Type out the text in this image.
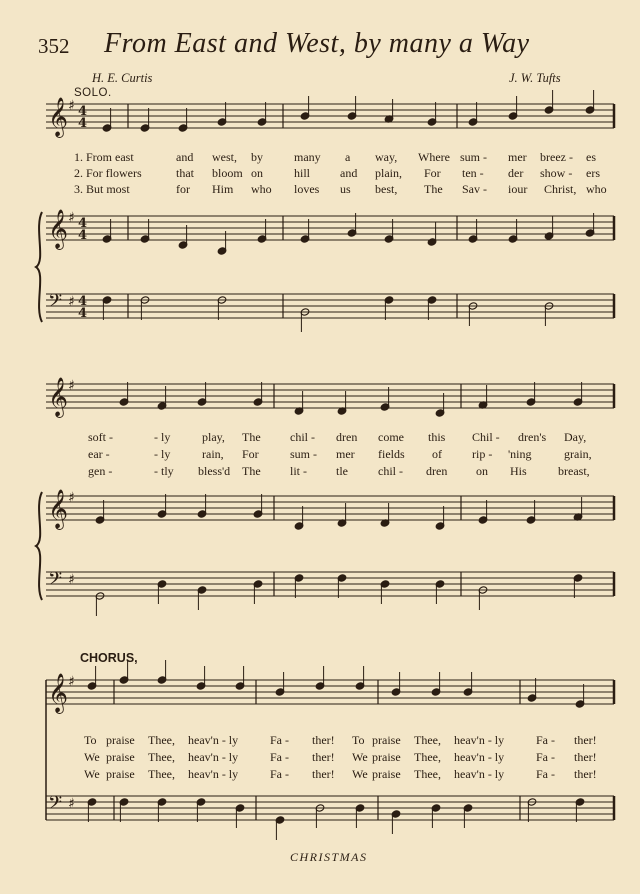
352 From East and West, by many a Way
H. E. Curtis	J. W. Tufts
SOLO.
CHORUS,
CHRISTMAS
1. From east	and west, by	many a way, Where sum - mer breez - es
2. For flowers	that bloom on	hill and plain, For ten - der show - ers
3. But most	for Him who loves us best, The Sav - iour Christ, who
soft -	- ly	play, The chil - dren come this Chil - dren's Day,
ear -	- ly	rain, For	sum - mer fields of	rip - 'ning	grain,
gen -	- tly bless'd The lit - tle	chil - dren on His	breast,
To praise Thee, heav'n - ly	Fa - ther! To praise Thee, heav'n - ly	Fa - ther!
We praise Thee, heav'n - ly	Fa - ther! We praise Thee, heav'n - ly	Fa - ther!
We praise Thee, heav'n - ly	Fa - ther! We praise Thee, heav'n - ly	Fa - ther!
𝄞 ♯ 4
4
𝄞 ♯ 4
4
𝄢 ♯ 4
4
𝄞 ♯
𝄞 ♯
𝄢 ♯
𝄞 ♯
𝄢 ♯
